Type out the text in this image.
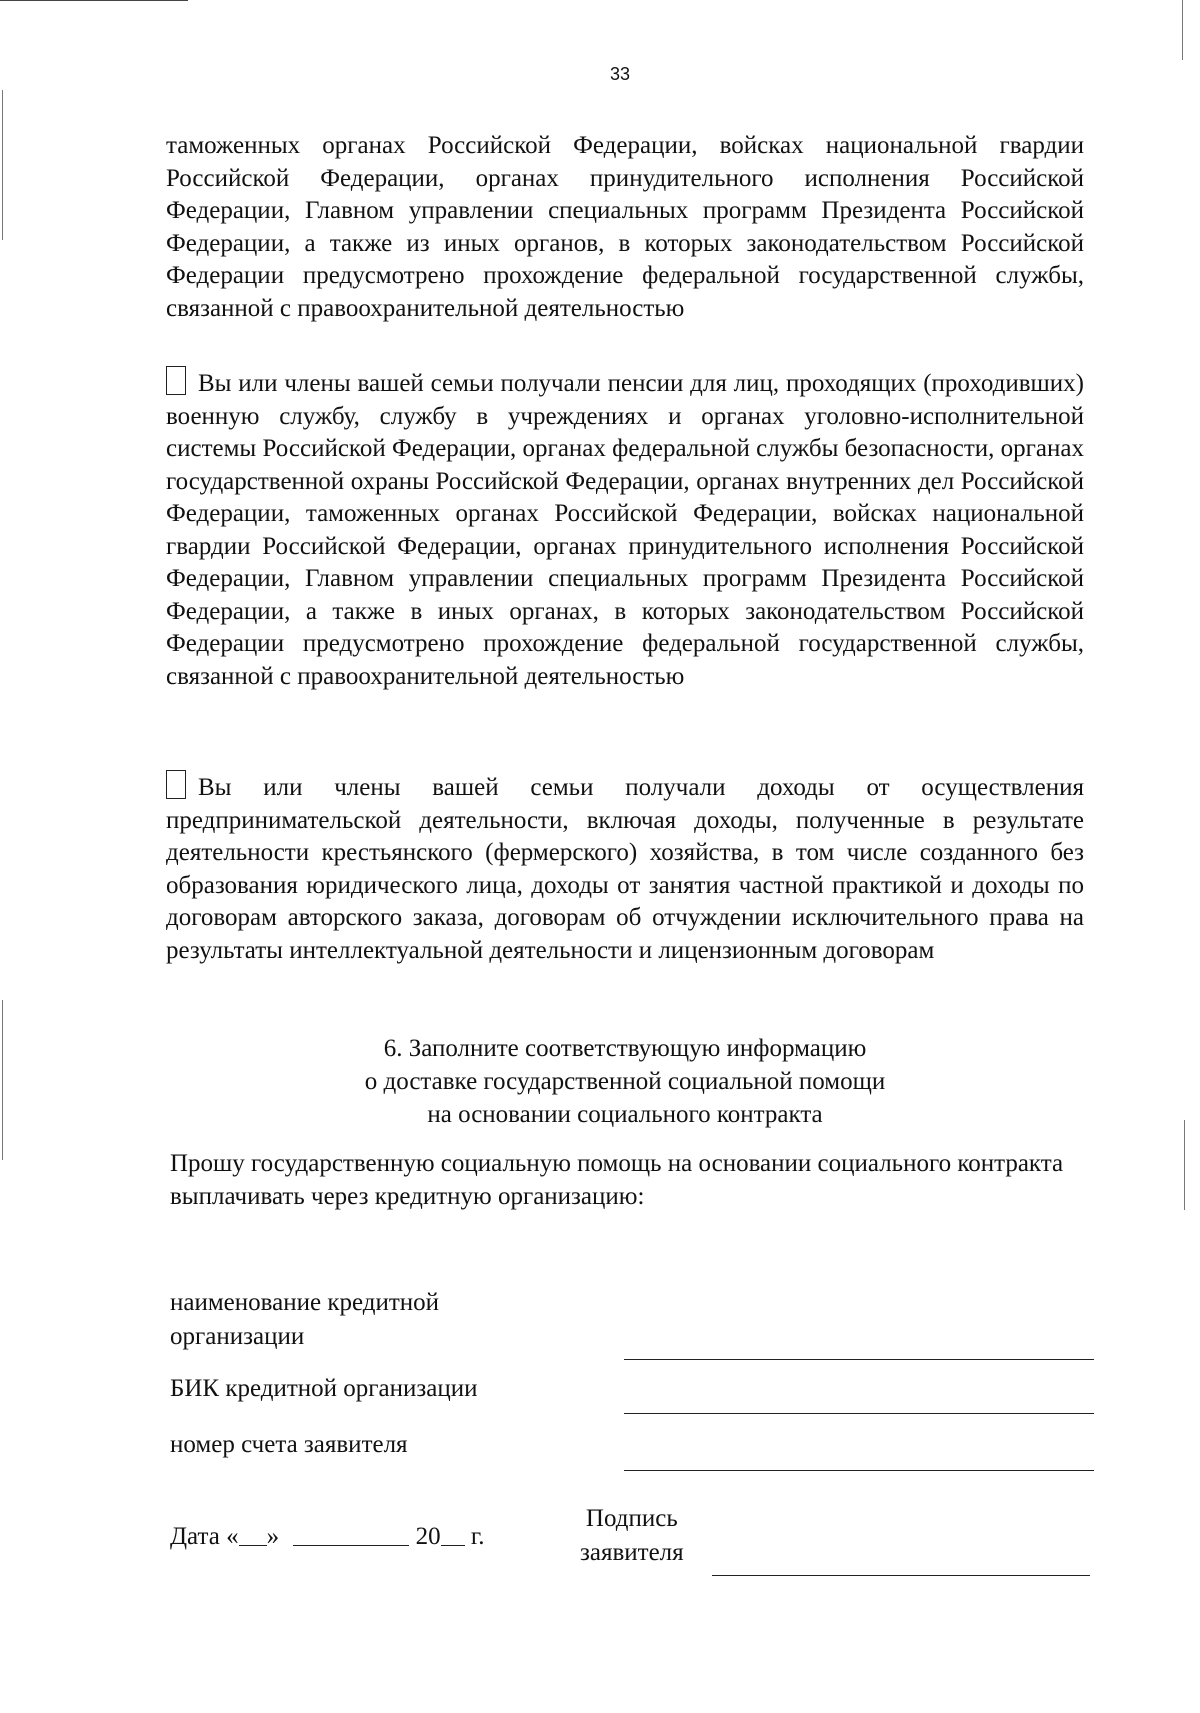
33
таможенных органах Российской Федерации, войсках национальной гвардии Российской Федерации, органах принудительного исполнения Российской Федерации, Главном управлении специальных программ Президента Российской Федерации, а также из иных органов, в которых законодательством Российской Федерации предусмотрено прохождение федеральной государственной службы, связанной с правоохранительной деятельностью
Вы или члены вашей семьи получали пенсии для лиц, проходящих (проходивших) военную службу, службу в учреждениях и органах уголовно-исполнительной системы Российской Федерации, органах федеральной службы безопасности, органах государственной охраны Российской Федерации, органах внутренних дел Российской Федерации, таможенных органах Российской Федерации, войсках национальной гвардии Российской Федерации, органах принудительного исполнения Российской Федерации, Главном управлении специальных программ Президента Российской Федерации, а также в иных органах, в которых законодательством Российской Федерации предусмотрено прохождение федеральной государственной службы, связанной с правоохранительной деятельностью
Вы или члены вашей семьи получали доходы от осуществления предпринимательской деятельности, включая доходы, полученные в результате деятельности крестьянского (фермерского) хозяйства, в том числе созданного без образования юридического лица, доходы от занятия частной практикой и доходы по договорам авторского заказа, договорам об отчуждении исключительного права на результаты интеллектуальной деятельности и лицензионным договорам
6. Заполните соответствующую информацию
о доставке государственной социальной помощи
на основании социального контракта
Прошу государственную социальную помощь на основании социального контракта выплачивать через кредитную организацию:
наименование кредитной
организации
БИК кредитной организации
номер счета заявителя
Дата « »	20 г.
Подпись
заявителя
